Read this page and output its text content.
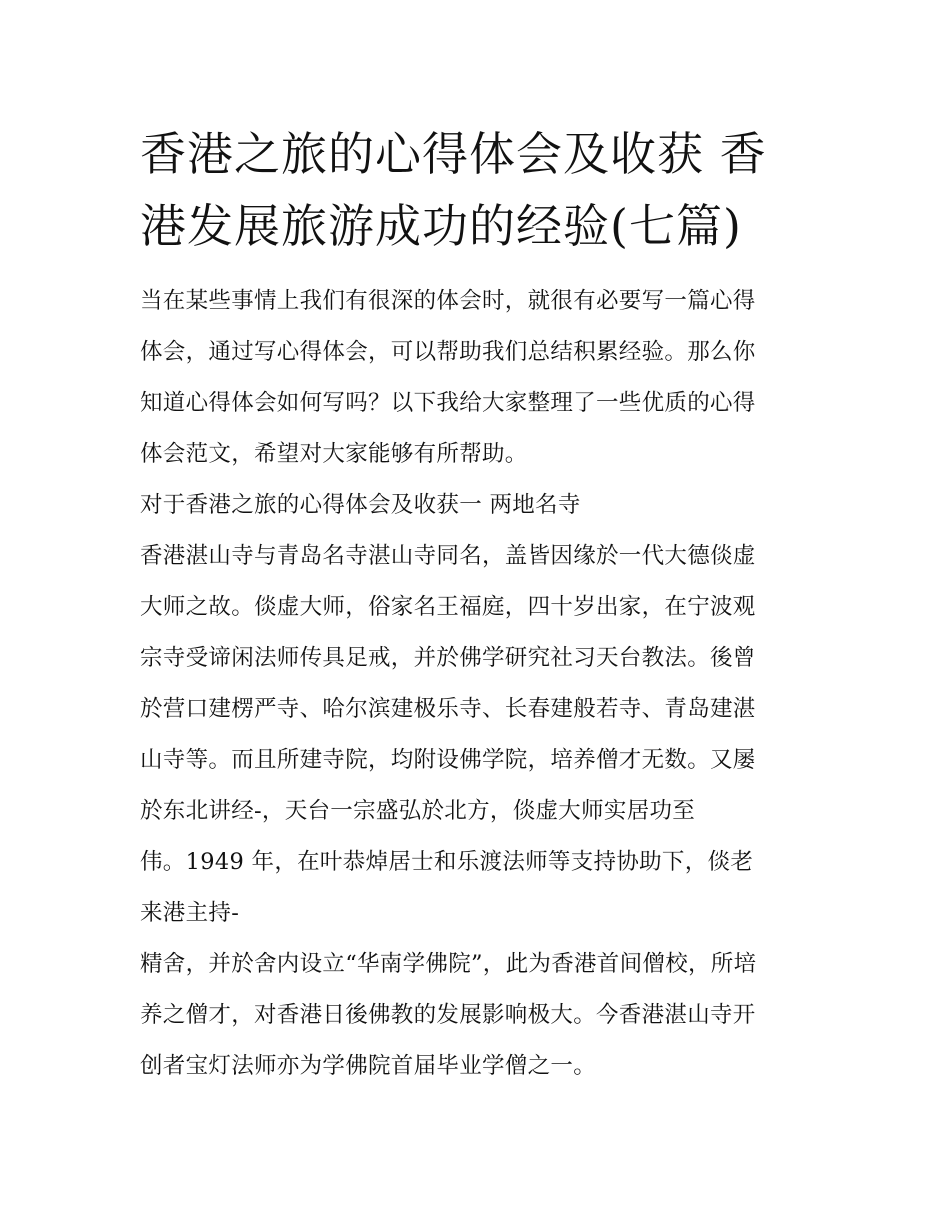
香港之旅的心得体会及收获 香
港发展旅游成功的经验(七篇)
当在某些事情上我们有很深的体会时，就很有必要写一篇心得
体会，通过写心得体会，可以帮助我们总结积累经验。那么你
知道心得体会如何写吗？以下我给大家整理了一些优质的心得
体会范文，希望对大家能够有所帮助。
对于香港之旅的心得体会及收获一 两地名寺
香港湛山寺与青岛名寺湛山寺同名，盖皆因缘於一代大德倓虚
大师之故。倓虚大师，俗家名王福庭，四十岁出家，在宁波观
宗寺受谛闲法师传具足戒，并於佛学研究社习天台教法。後曾
於营口建楞严寺、哈尔滨建极乐寺、长春建般若寺、青岛建湛
山寺等。而且所建寺院，均附设佛学院，培养僧才无数。又屡
於东北讲经-，天台一宗盛弘於北方，倓虚大师实居功至
伟。1949 年，在叶恭焯居士和乐渡法师等支持协助下，倓老
来港主持-
精舍，并於舍内设立“华南学佛院”，此为香港首间僧校，所培
养之僧才，对香港日後佛教的发展影响极大。今香港湛山寺开
创者宝灯法师亦为学佛院首届毕业学僧之一。
